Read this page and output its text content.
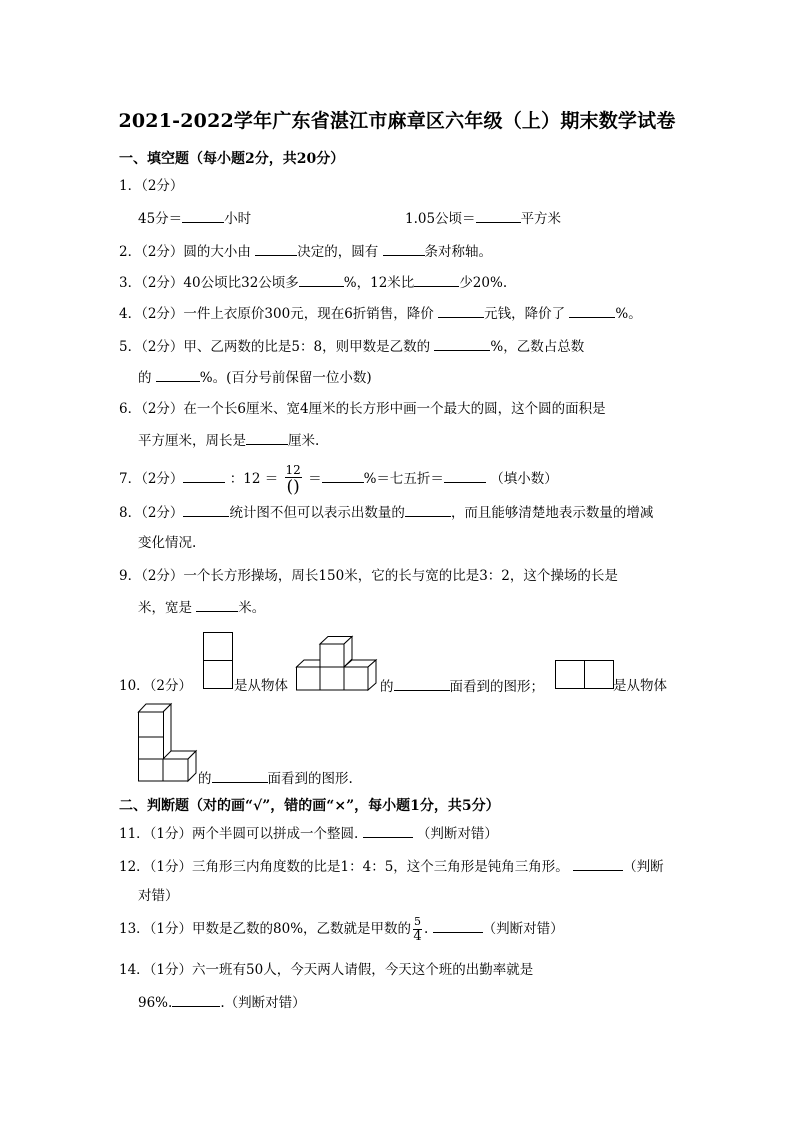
2021-2022学年广东省湛江市麻章区六年级（上）期末数学试卷
一、填空题（每小题2分，共20分）
1．（2分）
45分＝	小时	1.05公顷＝	平方米
2．（2分）圆的大小由	决定的，圆有	条对称轴。
3．（2分）40公顷比32公顷多	%，12米比	少20%.
4．（2分）一件上衣原价300元，现在6折销售，降价	元钱，降价了	%。
5．（2分）甲、乙两数的比是5：8，则甲数是乙数的	%，乙数占总数
的	%。(百分号前保留一位小数)
6．（2分）在一个长6厘米、宽4厘米的长方形中画一个最大的圆，这个圆的面积是
平方厘米，周长是	厘米.
7．（2分）	：$12 = \frac{12}{()}$ ＝	%＝七五折＝	（填小数）
8．（2分）	统计图不但可以表示出数量的	，而且能够清楚地表示数量的增减
变化情况.
9．（2分）一个长方形操场，周长150米，它的长与宽的比是3：2，这个操场的长是
米，宽是	米。
10．（2分）	是从物体	的	面看到的图形；	是从物体
的	面看到的图形.
二、判断题（对的画“√”，错的画“×”，每小题1分，共5分）
11．（1分）两个半圆可以拼成一个整圆.	（判断对错）
12．（1分）三角形三内角度数的比是1：4：5，这个三角形是钝角三角形。	（判断
对错）
13．（1分）甲数是乙数的80%，乙数就是甲数的 $\frac{5}{4}$ .	（判断对错）
14．（1分）六一班有50人，今天两人请假，今天这个班的出勤率就是
96%.	.（判断对错）
